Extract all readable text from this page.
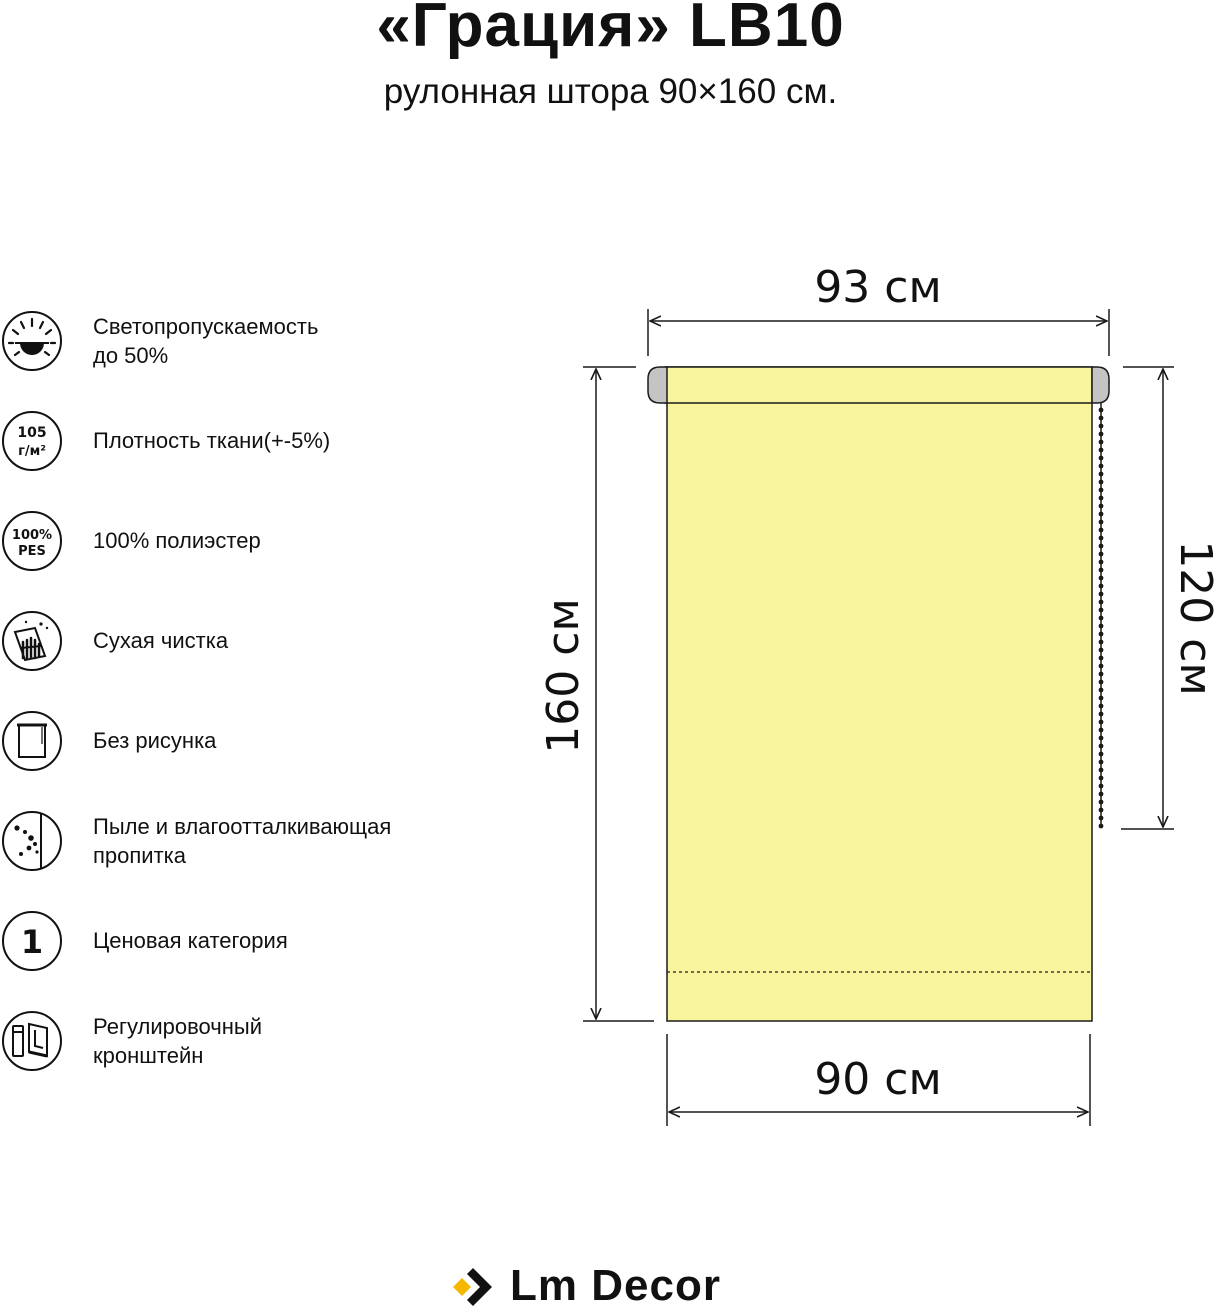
«Грация» LB10
рулонная штора 90×160 см.
Светопропускаемость
до 50%
105
г/м² Плотность ткани(+-5%)
100%
PES 100% полиэстер
Сухая чистка
Без рисунка
Пыле и влагоотталкивающая
пропитка
1 Ценовая категория
Регулировочный
кронштейн
93 см
160 см	120 см
90 см
Lm Decor
